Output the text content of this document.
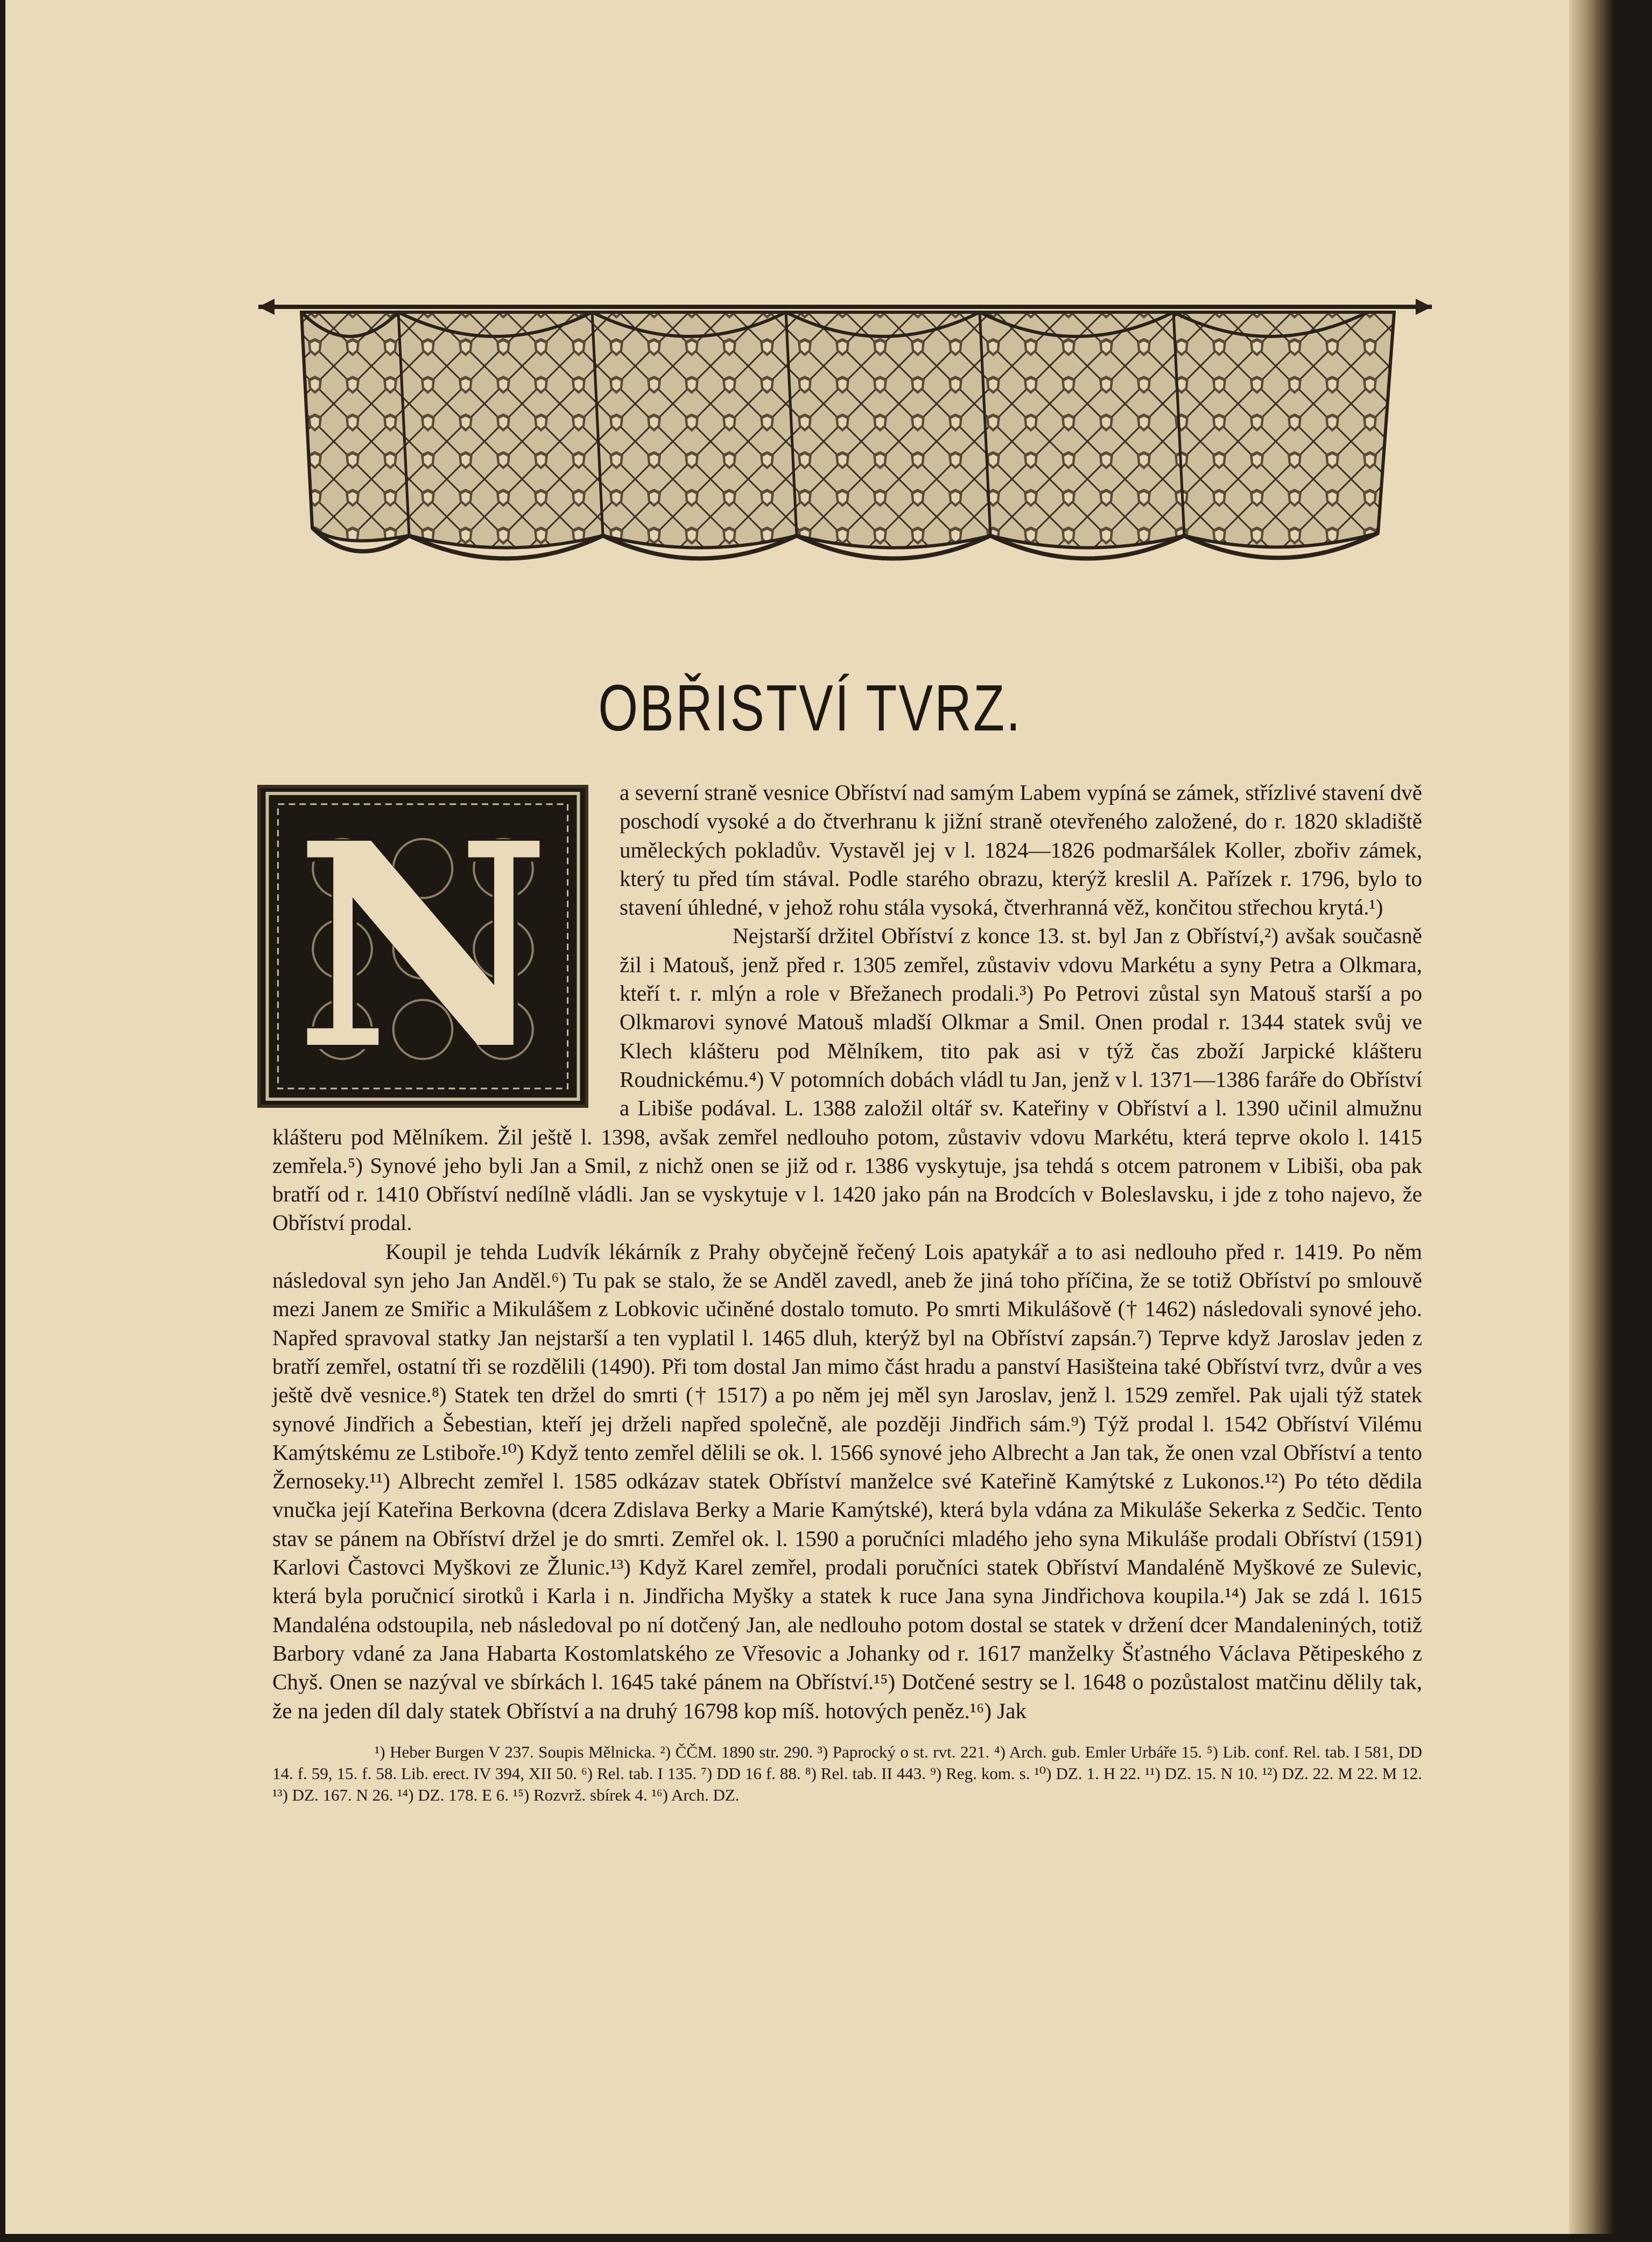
OBŘISTVÍ TVRZ.
N	a severní straně vesnice Obříství nad samým Labem vypíná se zámek, střízlivé stavení dvě poschodí vysoké a do čtverhranu k jižní straně otevřeného založené, do r. 1820 skladiště uměleckých pokladův. Vystavěl jej v l. 1824—1826 podmaršálek Koller, zbořiv zámek, který tu před tím stával. Podle starého obrazu, kterýž kreslil A. Pařízek r. 1796, bylo to stavení úhledné, v jehož rohu stála vysoká, čtverhranná věž, končitou střechou krytá.¹)

Nejstarší držitel Obříství z konce 13. st. byl Jan z Obříství,²) avšak současně žil i Matouš, jenž před r. 1305 zemřel, zůstaviv vdovu Markétu a syny Petra a Olkmara, kteří t. r. mlýn a role v Břežanech prodali.³) Po Petrovi zůstal syn Matouš starší a po Olkmarovi synové Matouš mladší Olkmar a Smil. Onen prodal r. 1344 statek svůj ve Klech klášteru pod Mělníkem, tito pak asi v týž čas zboží Jarpické klášteru Roudnickému.⁴) V potomních dobách vládl tu Jan, jenž v l. 1371—1386 faráře do Obříství a Libiše podával. L. 1388 založil oltář sv. Kateřiny v Obříství a l. 1390 učinil almužnu klášteru pod Mělníkem. Žil ještě l. 1398, avšak zemřel nedlouho potom, zůstaviv vdovu Markétu, která teprve okolo l. 1415 zemřela.⁵) Synové jeho byli Jan a Smil, z nichž onen se již od r. 1386 vyskytuje, jsa tehdá s otcem patronem v Libiši, oba pak bratří od r. 1410 Obříství nedílně vládli. Jan se vyskytuje v l. 1420 jako pán na Brodcích v Boleslavsku, i jde z toho najevo, že Obříství prodal.

Koupil je tehda Ludvík lékárník z Prahy obyčejně řečený Lois apatykář a to asi nedlouho před r. 1419. Po něm následoval syn jeho Jan Anděl.⁶) Tu pak se stalo, že se Anděl zavedl, aneb že jiná toho příčina, že se totiž Obříství po smlouvě mezi Janem ze Smiřic a Mikulášem z Lobkovic učiněné dostalo tomuto. Po smrti Mikulášově († 1462) následovali synové jeho. Napřed spravoval statky Jan nejstarší a ten vyplatil l. 1465 dluh, kterýž byl na Obříství zapsán.⁷) Teprve když Jaroslav jeden z bratří zemřel, ostatní tři se rozdělili (1490). Při tom dostal Jan mimo část hradu a panství Hasišteina také Obříství tvrz, dvůr a ves ještě dvě vesnice.⁸) Statek ten držel do smrti († 1517) a po něm jej měl syn Jaroslav, jenž l. 1529 zemřel. Pak ujali týž statek synové Jindřich a Šebestian, kteří jej drželi napřed společně, ale později Jindřich sám.⁹) Týž prodal l. 1542 Obříství Vilému Kamýtskému ze Lstiboře.¹⁰) Když tento zemřel dělili se ok. l. 1566 synové jeho Albrecht a Jan tak, že onen vzal Obříství a tento Žernoseky.¹¹) Albrecht zemřel l. 1585 odkázav statek Obříství manželce své Kateřině Kamýtské z Lukonos.¹²) Po této dědila vnučka její Kateřina Berkovna (dcera Zdislava Berky a Marie Kamýtské), která byla vdána za Mikuláše Sekerka z Sedčic. Tento stav se pánem na Obříství držel je do smrti. Zemřel ok. l. 1590 a poručníci mladého jeho syna Mikuláše prodali Obříství (1591) Karlovi Častovci Myškovi ze Žlunic.¹³) Když Karel zemřel, prodali poručníci statek Obříství Mandaléně Myškové ze Sulevic, která byla poručnicí sirotků i Karla i n. Jindřicha Myšky a statek k ruce Jana syna Jindřichova koupila.¹⁴) Jak se zdá l. 1615 Mandaléna odstoupila, neb následoval po ní dotčený Jan, ale nedlouho potom dostal se statek v držení dcer Mandaleniných, totiž Barbory vdané za Jana Habarta Kostomlatského ze Vřesovic a Johanky od r. 1617 manželky Šťastného Václava Pětipeského z Chyš. Onen se nazýval ve sbírkách l. 1645 také pánem na Obříství.¹⁵) Dotčené sestry se l. 1648 o pozůstalost matčinu dělily tak, že na jeden díl daly statek Obříství a na druhý 16798 kop míš. hotových peněz.¹⁶) Jak

¹) Heber Burgen V 237. Soupis Mělnicka. ²) ČČM. 1890 str. 290. ³) Paprocký o st. rvt. 221. ⁴) Arch. gub. Emler Urbáře 15. ⁵) Lib. conf. Rel. tab. I 581, DD 14. f. 59, 15. f. 58. Lib. erect. IV 394, XII 50. ⁶) Rel. tab. I 135. ⁷) DD 16 f. 88. ⁸) Rel. tab. II 443. ⁹) Reg. kom. s. ¹⁰) DZ. 1. H 22. ¹¹) DZ. 15. N 10. ¹²) DZ. 22. M 22. M 12. ¹³) DZ. 167. N 26. ¹⁴) DZ. 178. E 6. ¹⁵) Rozvrž. sbírek 4. ¹⁶) Arch. DZ.
